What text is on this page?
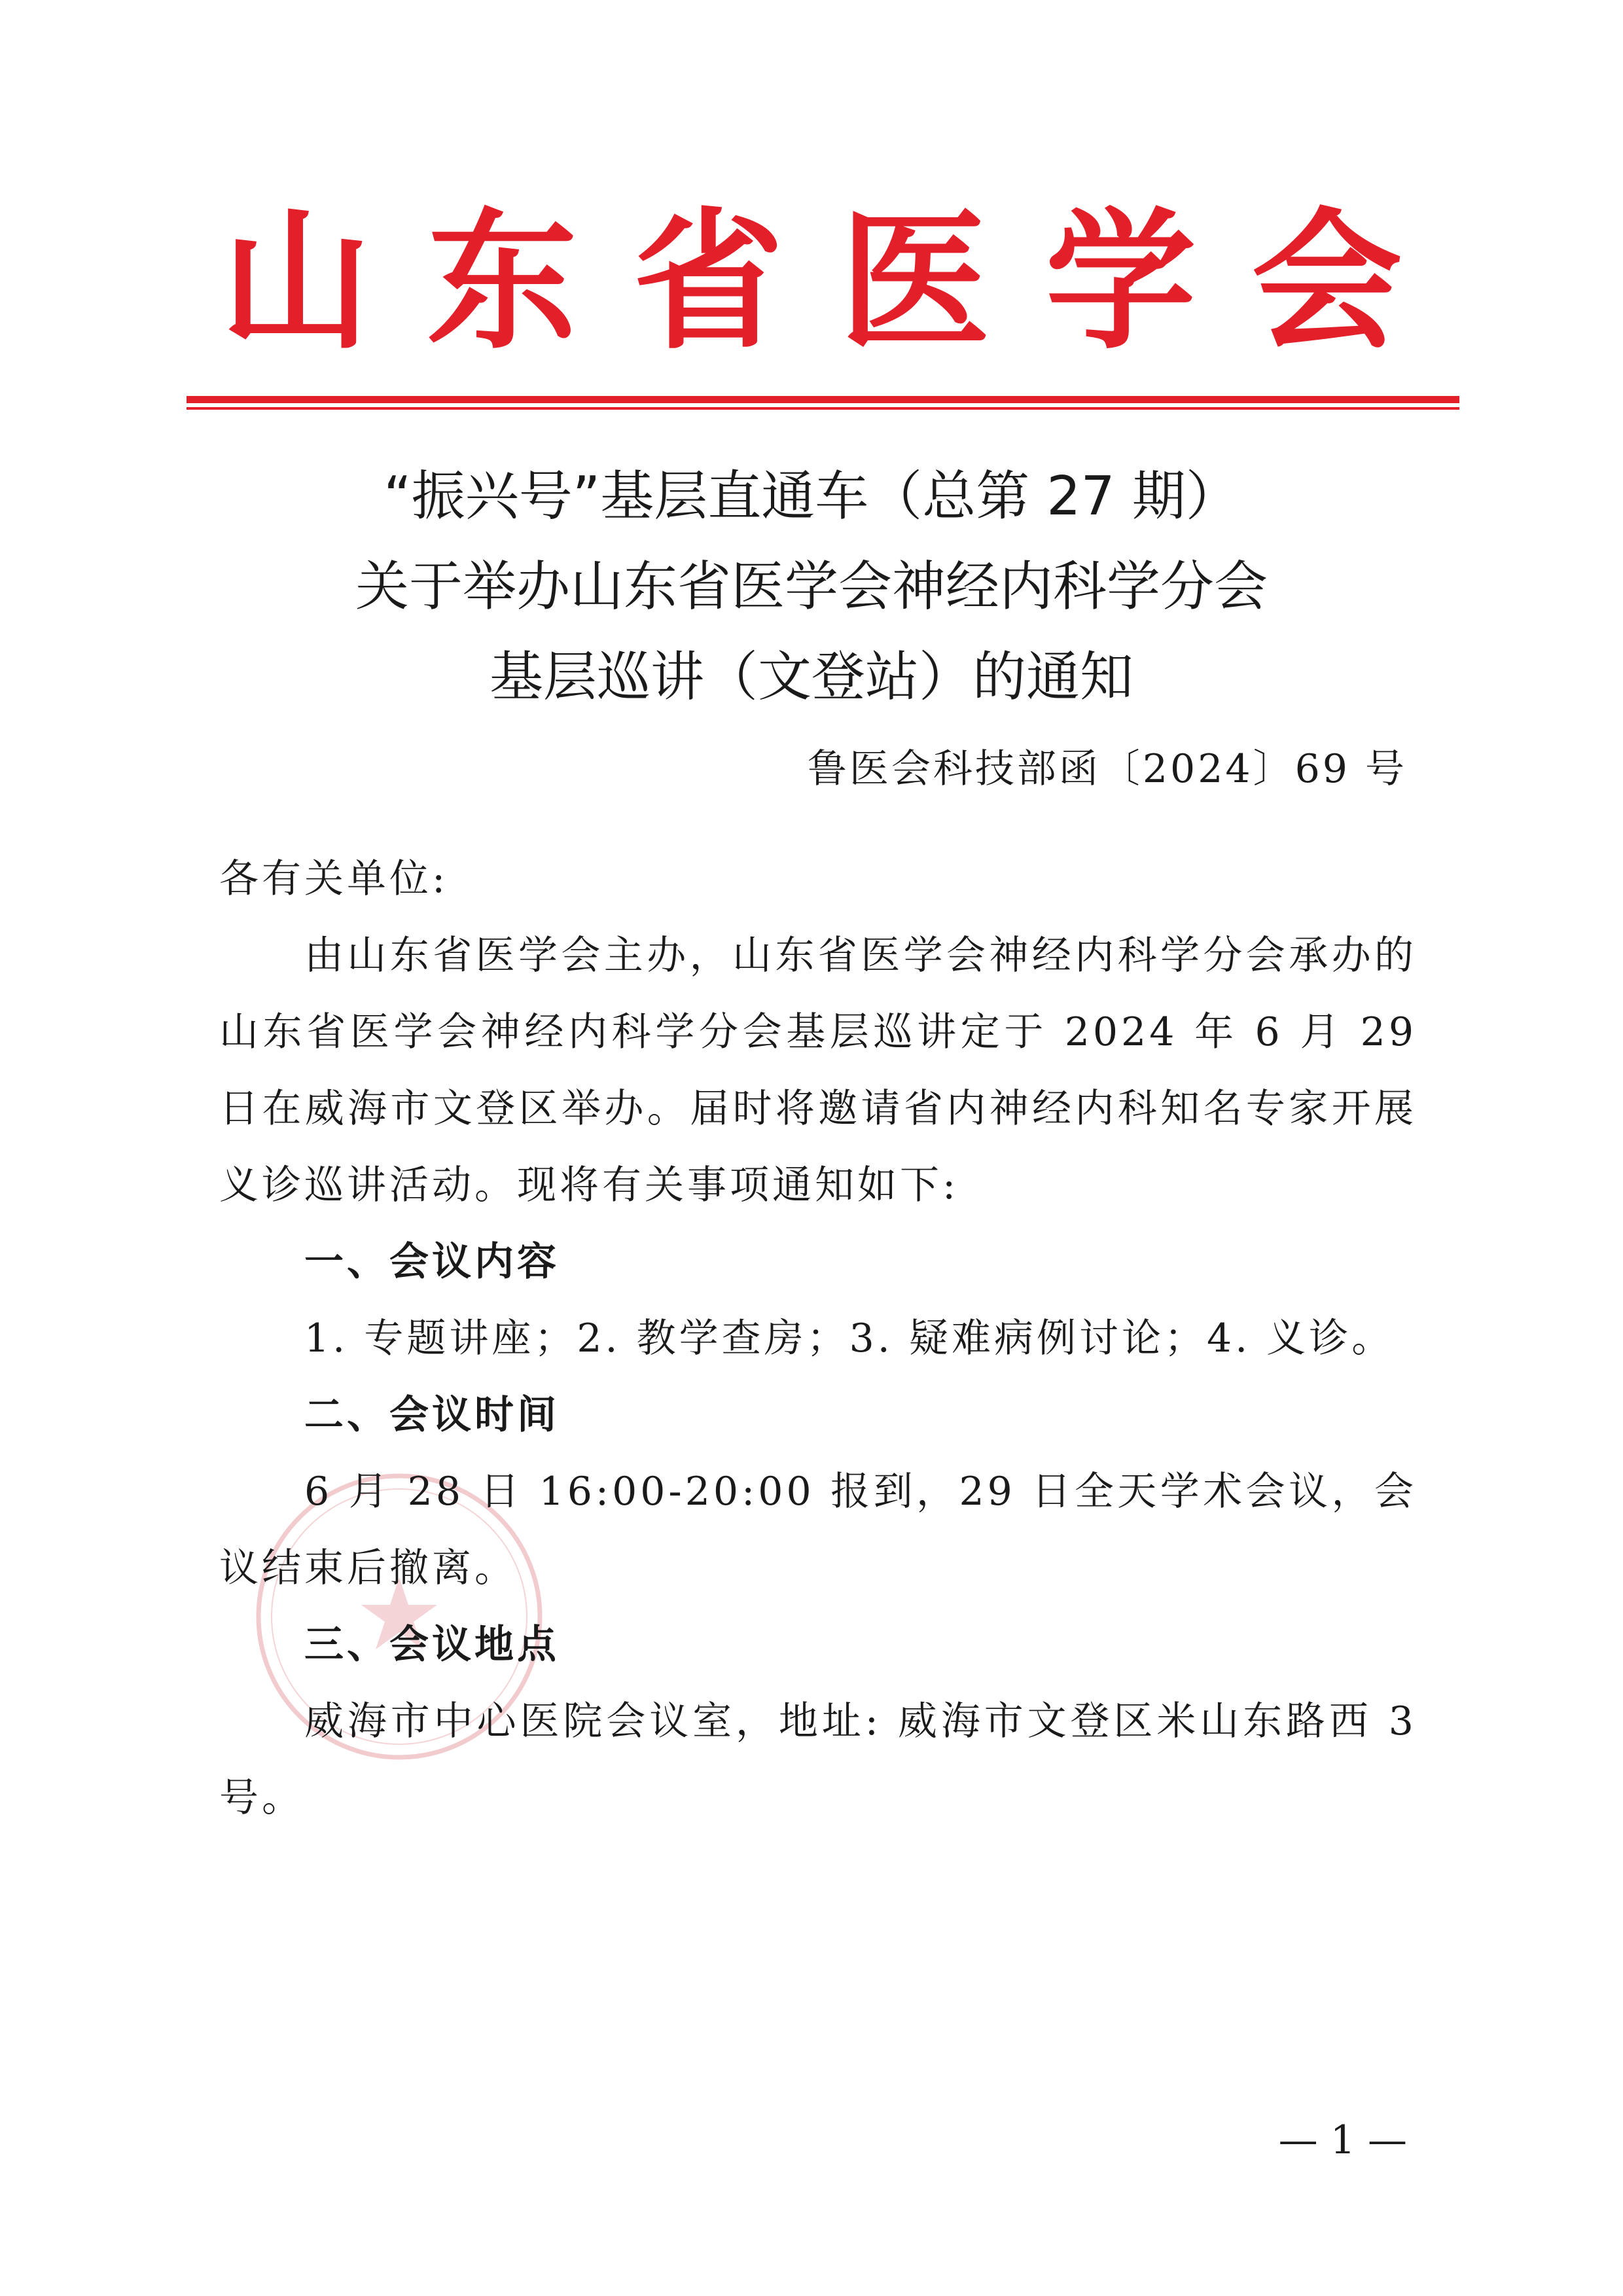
山东省医学会
“振兴号”基层直通车（总第 27 期）
关于举办山东省医学会神经内科学分会
基层巡讲（文登站）的通知
鲁医会科技部函〔2024〕69 号

各有关单位:

由山东省医学会主办，山东省医学会神经内科学分会承办的山东省医学会神经内科学分会基层巡讲定于 2024 年 6 月 29 日在威海市文登区举办。届时将邀请省内神经内科知名专家开展义诊巡讲活动。现将有关事项通知如下:

一、会议内容

1. 专题讲座；2. 教学查房；3. 疑难病例讨论；4. 义诊。

二、会议时间

6 月 28 日 16:00-20:00 报到，29 日全天学术会议，会议结束后撤离。

三、会议地点

威海市中心医院会议室，地址: 威海市文登区米山东路西 3 号。

— 1 —
